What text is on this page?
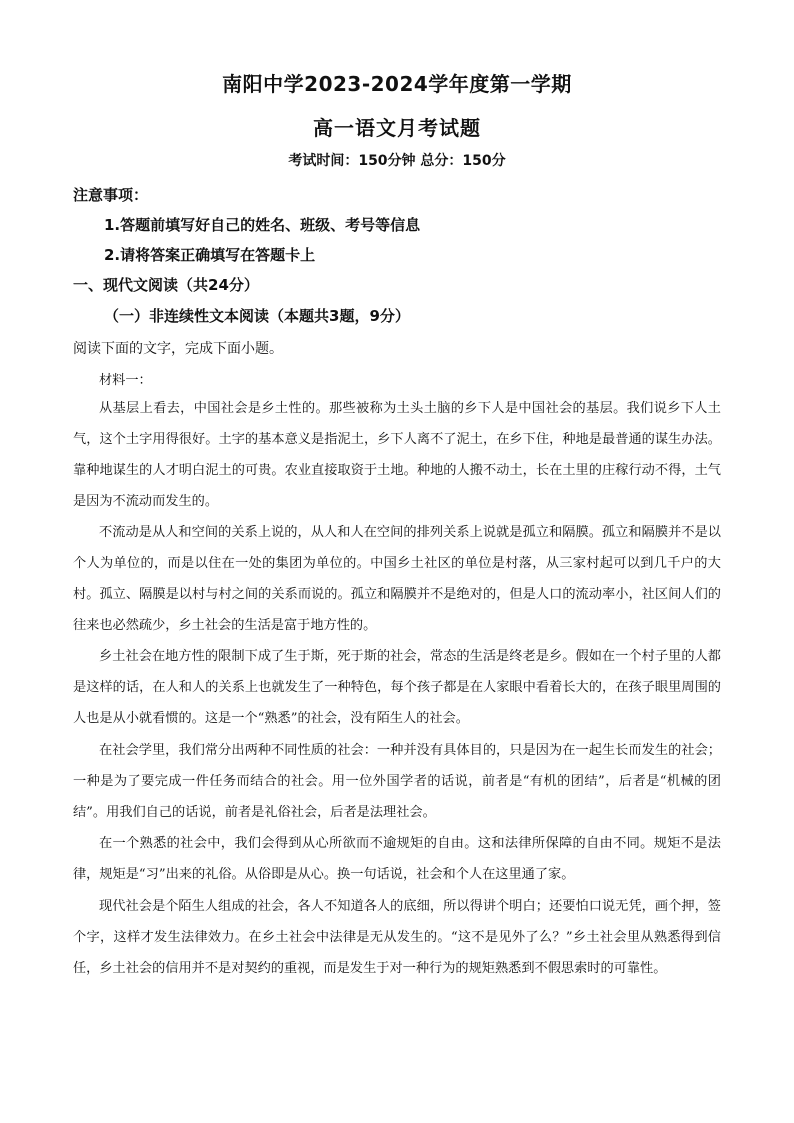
南阳中学2023-2024学年度第一学期
高一语文月考试题
考试时间：150分钟 总分：150分
注意事项：
1.答题前填写好自己的姓名、班级、考号等信息
2.请将答案正确填写在答题卡上
一、现代文阅读（共24分）
（一）非连续性文本阅读（本题共3题，9分）
阅读下面的文字，完成下面小题。
材料一：

从基层上看去，中国社会是乡土性的。那些被称为土头土脑的乡下人是中国社会的基层。我们说乡下人土气，这个土字用得很好。土字的基本意义是指泥土，乡下人离不了泥土，在乡下住，种地是最普通的谋生办法。靠种地谋生的人才明白泥土的可贵。农业直接取资于土地。种地的人搬不动土，长在土里的庄稼行动不得，土气是因为不流动而发生的。

不流动是从人和空间的关系上说的，从人和人在空间的排列关系上说就是孤立和隔膜。孤立和隔膜并不是以个人为单位的，而是以住在一处的集团为单位的。中国乡土社区的单位是村落，从三家村起可以到几千户的大村。孤立、隔膜是以村与村之间的关系而说的。孤立和隔膜并不是绝对的，但是人口的流动率小，社区间人们的往来也必然疏少，乡土社会的生活是富于地方性的。

乡土社会在地方性的限制下成了生于斯，死于斯的社会，常态的生活是终老是乡。假如在一个村子里的人都是这样的话，在人和人的关系上也就发生了一种特色，每个孩子都是在人家眼中看着长大的，在孩子眼里周围的人也是从小就看惯的。这是一个“熟悉”的社会，没有陌生人的社会。

在社会学里，我们常分出两种不同性质的社会：一种并没有具体目的，只是因为在一起生长而发生的社会；一种是为了要完成一件任务而结合的社会。用一位外国学者的话说，前者是“有机的团结”，后者是“机械的团结”。用我们自己的话说，前者是礼俗社会，后者是法理社会。

在一个熟悉的社会中，我们会得到从心所欲而不逾规矩的自由。这和法律所保障的自由不同。规矩不是法律，规矩是“习”出来的礼俗。从俗即是从心。换一句话说，社会和个人在这里通了家。

现代社会是个陌生人组成的社会，各人不知道各人的底细，所以得讲个明白；还要怕口说无凭，画个押，签个字，这样才发生法律效力。在乡土社会中法律是无从发生的。“这不是见外了么？”乡土社会里从熟悉得到信任，乡土社会的信用并不是对契约的重视，而是发生于对一种行为的规矩熟悉到不假思索时的可靠性。
